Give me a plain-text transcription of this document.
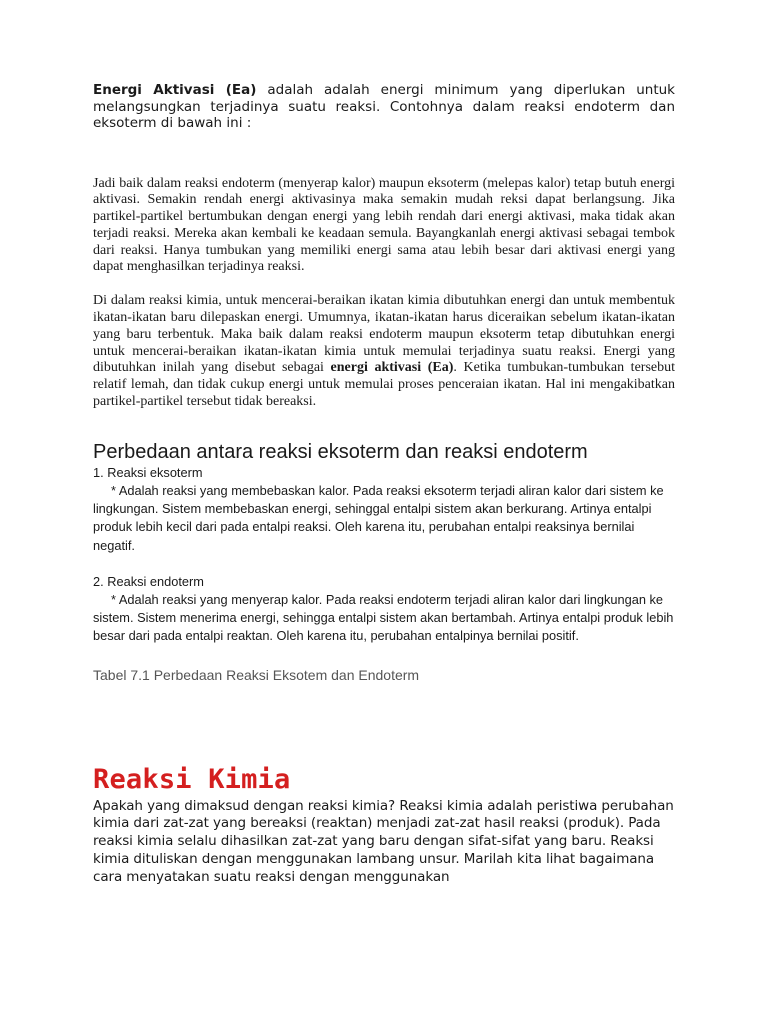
Energi Aktivasi (Ea) adalah adalah energi minimum yang diperlukan untuk melangsungkan terjadinya suatu reaksi. Contohnya dalam reaksi endoterm dan eksoterm di bawah ini :

Jadi baik dalam reaksi endoterm (menyerap kalor) maupun eksoterm (melepas kalor) tetap butuh energi aktivasi. Semakin rendah energi aktivasinya maka semakin mudah reksi dapat berlangsung. Jika partikel-partikel bertumbukan dengan energi yang lebih rendah dari energi aktivasi, maka tidak akan terjadi reaksi. Mereka akan kembali ke keadaan semula. Bayangkanlah energi aktivasi sebagai tembok dari reaksi. Hanya tumbukan yang memiliki energi sama atau lebih besar dari aktivasi energi yang dapat menghasilkan terjadinya reaksi.

Di dalam reaksi kimia, untuk mencerai-beraikan ikatan kimia dibutuhkan energi dan untuk membentuk ikatan-ikatan baru dilepaskan energi. Umumnya, ikatan-ikatan harus diceraikan sebelum ikatan-ikatan yang baru terbentuk. Maka baik dalam reaksi endoterm maupun eksoterm tetap dibutuhkan energi untuk mencerai-beraikan ikatan-ikatan kimia untuk memulai terjadinya suatu reaksi. Energi yang dibutuhkan inilah yang disebut sebagai energi aktivasi (Ea). Ketika tumbukan-tumbukan tersebut relatif lemah, dan tidak cukup energi untuk memulai proses penceraian ikatan. Hal ini mengakibatkan partikel-partikel tersebut tidak bereaksi.

Perbedaan antara reaksi eksoterm dan reaksi endoterm

1. Reaksi eksoterm

* Adalah reaksi yang membebaskan kalor. Pada reaksi eksoterm terjadi aliran kalor dari sistem ke lingkungan. Sistem membebaskan energi, sehinggal entalpi sistem akan berkurang. Artinya entalpi produk lebih kecil dari pada entalpi reaksi. Oleh karena itu, perubahan entalpi reaksinya bernilai negatif.

2. Reaksi endoterm

* Adalah reaksi yang menyerap kalor. Pada reaksi endoterm terjadi aliran kalor dari lingkungan ke sistem. Sistem menerima energi, sehingga entalpi sistem akan bertambah. Artinya entalpi produk lebih besar dari pada entalpi reaktan. Oleh karena itu, perubahan entalpinya bernilai positif.

Tabel 7.1 Perbedaan Reaksi Eksotem dan Endoterm

Reaksi Kimia

Apakah yang dimaksud dengan reaksi kimia? Reaksi kimia adalah peristiwa perubahan kimia dari zat-zat yang bereaksi (reaktan) menjadi zat-zat hasil reaksi (produk). Pada reaksi kimia selalu dihasilkan zat-zat yang baru dengan sifat-sifat yang baru. Reaksi kimia dituliskan dengan menggunakan lambang unsur. Marilah kita lihat bagaimana cara menyatakan suatu reaksi dengan menggunakan
